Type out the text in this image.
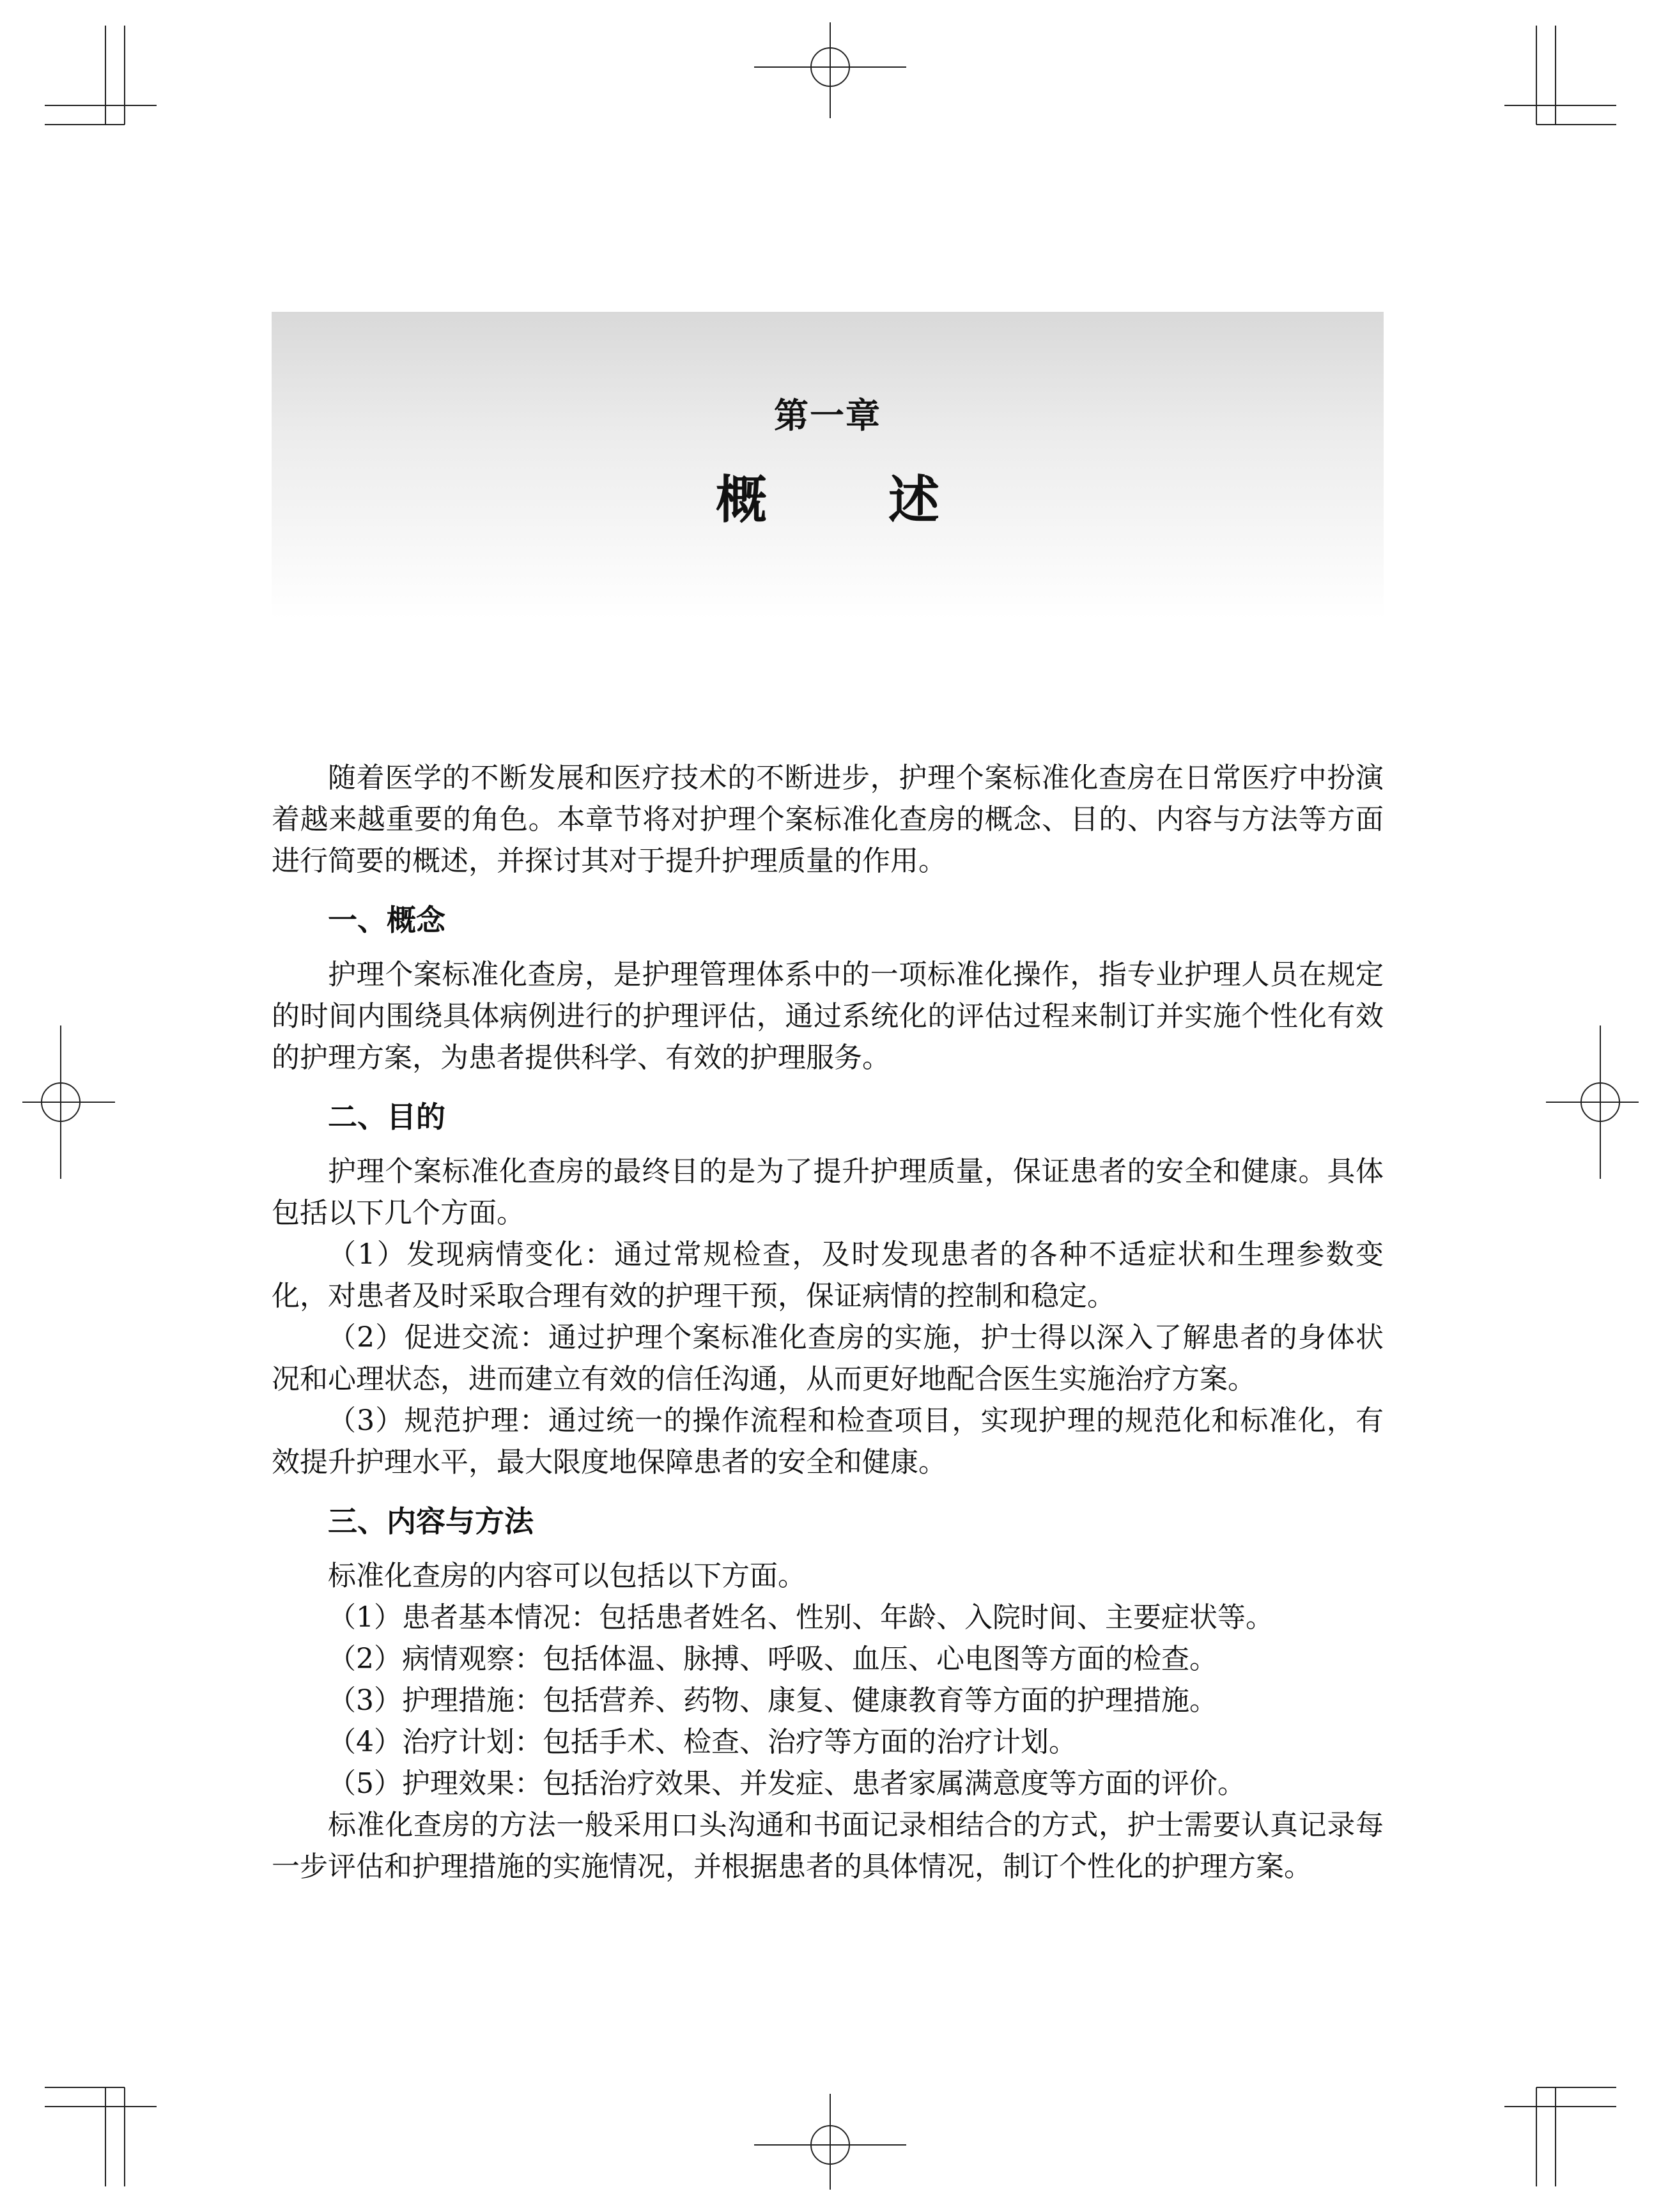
第一章
概 述

随着医学的不断发展和医疗技术的不断进步，护理个案标准化查房在日常医疗中扮演着越来越重要的角色。本章节将对护理个案标准化查房的概念、目的、内容与方法等方面进行简要的概述，并探讨其对于提升护理质量的作用。

一、概念

护理个案标准化查房，是护理管理体系中的一项标准化操作，指专业护理人员在规定的时间内围绕具体病例进行的护理评估，通过系统化的评估过程来制订并实施个性化有效的护理方案，为患者提供科学、有效的护理服务。

二、目的

护理个案标准化查房的最终目的是为了提升护理质量，保证患者的安全和健康。具体包括以下几个方面。

（1）发现病情变化：通过常规检查，及时发现患者的各种不适症状和生理参数变化，对患者及时采取合理有效的护理干预，保证病情的控制和稳定。

（2）促进交流：通过护理个案标准化查房的实施，护士得以深入了解患者的身体状况和心理状态，进而建立有效的信任沟通，从而更好地配合医生实施治疗方案。

（3）规范护理：通过统一的操作流程和检查项目，实现护理的规范化和标准化，有效提升护理水平，最大限度地保障患者的安全和健康。

三、内容与方法

标准化查房的内容可以包括以下方面。

（1）患者基本情况：包括患者姓名、性别、年龄、入院时间、主要症状等。

（2）病情观察：包括体温、脉搏、呼吸、血压、心电图等方面的检查。

（3）护理措施：包括营养、药物、康复、健康教育等方面的护理措施。

（4）治疗计划：包括手术、检查、治疗等方面的治疗计划。

（5）护理效果：包括治疗效果、并发症、患者家属满意度等方面的评价。

标准化查房的方法一般采用口头沟通和书面记录相结合的方式，护士需要认真记录每一步评估和护理措施的实施情况，并根据患者的具体情况，制订个性化的护理方案。
